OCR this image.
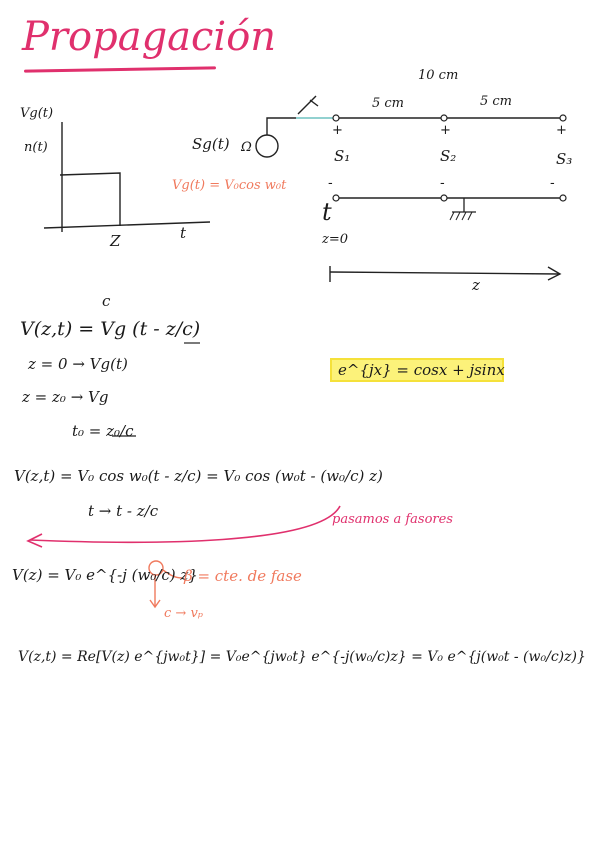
Propagación
Vg(t)
n(t)
Z	t
Sg(t) Ω
Vg(t) = V₀cos w₀t
10 cm
5 cm	5 cm
+	+	+
S₁	S₂	S₃
-	-	-
t
z=0
z
c
V(z,t) = Vg (t - z/c)
z = 0 → Vg(t)
z = z₀ → Vg
t₀ = z₀/c
e^{jx} = cosx + jsinx
V(z,t) = V₀ cos w₀(t - z/c) = V₀ cos (w₀t - (w₀/c) z)
t → t - z/c	pasamos a fasores
V(z) = V₀ e^{-j (w₀/c) z}
β = cte. de fase
c → vₚ
V(z,t) = Re[V(z) e^{jw₀t}] = V₀e^{jw₀t} e^{-j(w₀/c)z} = V₀ e^{j(w₀t - (w₀/c)z)}
